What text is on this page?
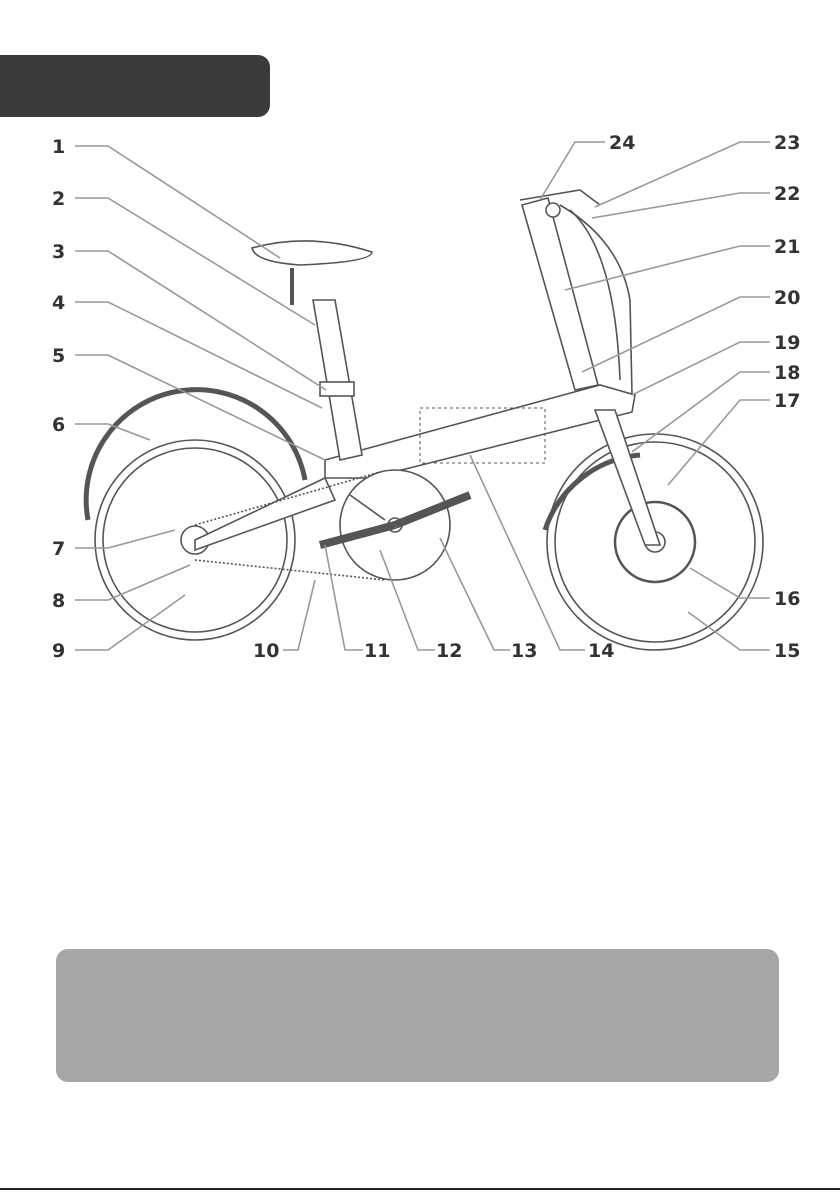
1
2
3
4
5
6
7
8
9	10	11 12	13	14	15
16
17
18
19
20
21
22
23
24
